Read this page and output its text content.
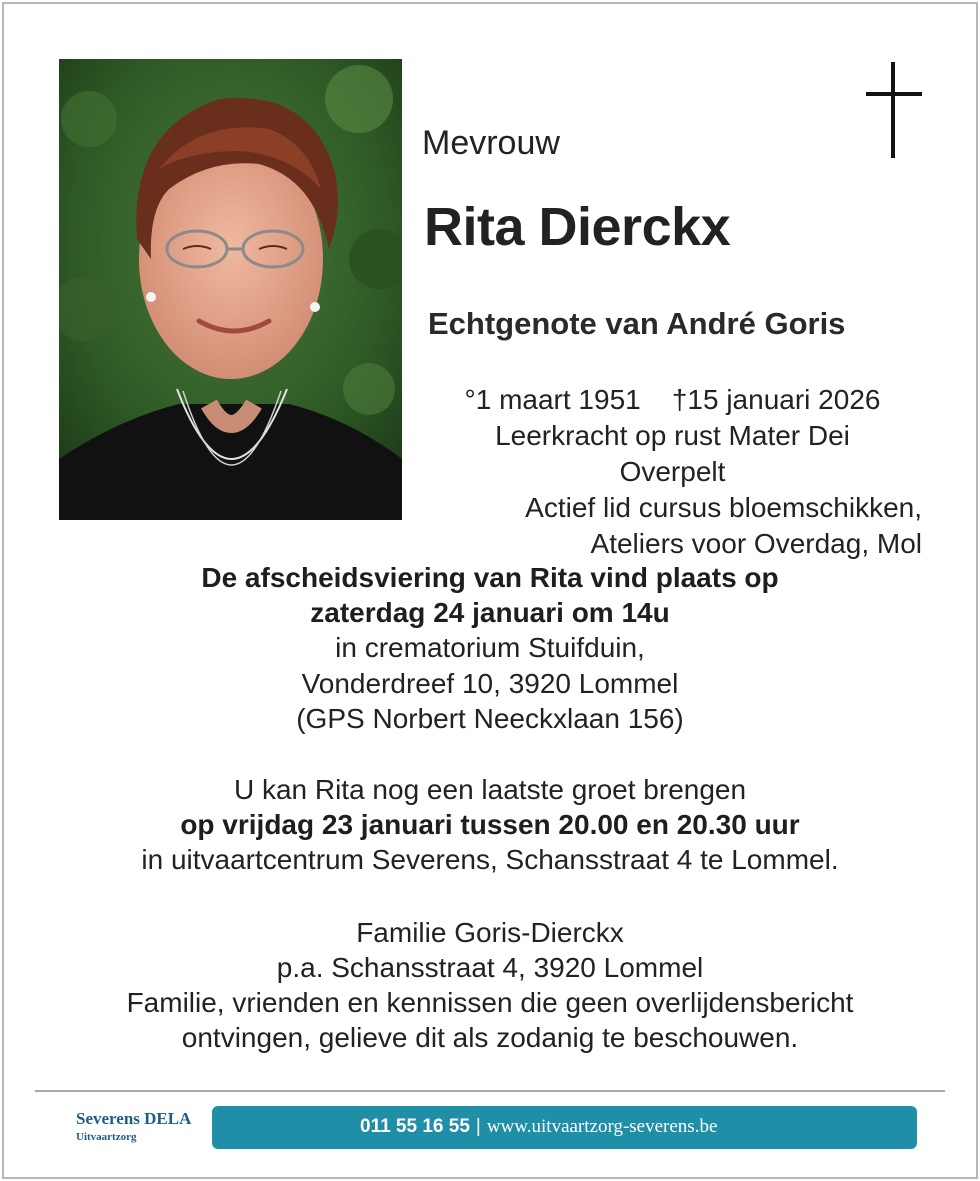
Mevrouw
Rita Dierckx
Echtgenote van André Goris
°1 maart 1951    †15 januari 2026
Leerkracht op rust Mater Dei
Overpelt
Actief lid cursus bloemschikken,
Ateliers voor Overdag, Mol
De afscheidsviering van Rita vind plaats op
zaterdag 24 januari om 14u
in crematorium Stuifduin,
Vonderdreef 10, 3920 Lommel
(GPS Norbert Neeckxlaan 156)
U kan Rita nog een laatste groet brengen
op vrijdag 23 januari tussen 20.00 en 20.30 uur
in uitvaartcentrum Severens, Schansstraat 4 te Lommel.
Familie Goris-Dierckx
p.a. Schansstraat 4, 3920 Lommel
Familie, vrienden en kennissen die geen overlijdensbericht
ontvingen, gelieve dit als zodanig te beschouwen.
Severens DELA
Uitvaartzorg	011 55 16 55 | www.uitvaartzorg-severens.be
